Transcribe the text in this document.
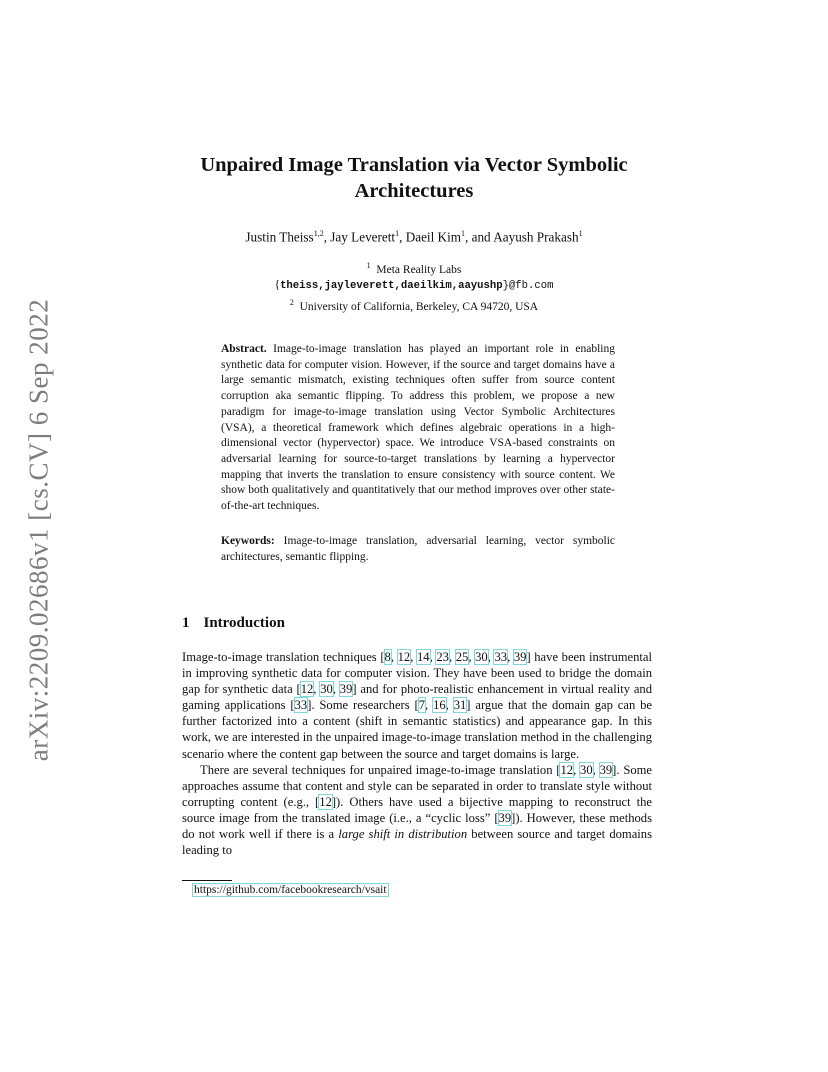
arXiv:2209.02686v1 [cs.CV] 6 Sep 2022
Unpaired Image Translation via Vector Symbolic Architectures
Justin Theiss$^{1,2}$, Jay Leverett$^1$, Daeil Kim$^1$, and Aayush Prakash$^1$
$^1$ Meta Reality Labs
{theiss,jayleverett,daeilkim,aayushp}@fb.com
$^2$ University of California, Berkeley, CA 94720, USA
Abstract. Image-to-image translation has played an important role in enabling synthetic data for computer vision. However, if the source and target domains have a large semantic mismatch, existing techniques often suffer from source content corruption aka semantic flipping. To address this problem, we propose a new paradigm for image-to-image translation using Vector Symbolic Architectures (VSA), a theoretical framework which defines algebraic operations in a high-dimensional vector (hypervector) space. We introduce VSA-based constraints on adversarial learning for source-to-target translations by learning a hypervector mapping that inverts the translation to ensure consistency with source content. We show both qualitatively and quantitatively that our method improves over other state-of-the-art techniques.
Keywords: Image-to-image translation, adversarial learning, vector symbolic architectures, semantic flipping.
1 Introduction

Image-to-image translation techniques [8, 12, 14, 23, 25, 30, 33, 39] have been instrumental in improving synthetic data for computer vision. They have been used to bridge the domain gap for synthetic data [12, 30, 39] and for photo-realistic enhancement in virtual reality and gaming applications [33]. Some researchers [7, 16, 31] argue that the domain gap can be further factorized into a content (shift in semantic statistics) and appearance gap. In this work, we are interested in the unpaired image-to-image translation method in the challenging scenario where the content gap between the source and target domains is large.

There are several techniques for unpaired image-to-image translation [12, 30, 39]. Some approaches assume that content and style can be separated in order to translate style without corrupting content (e.g., [12]). Others have used a bijective mapping to reconstruct the source image from the translated image (i.e., a “cyclic loss” [39]). However, these methods do not work well if there is a large shift in distribution between source and target domains leading to

https://github.com/facebookresearch/vsait
